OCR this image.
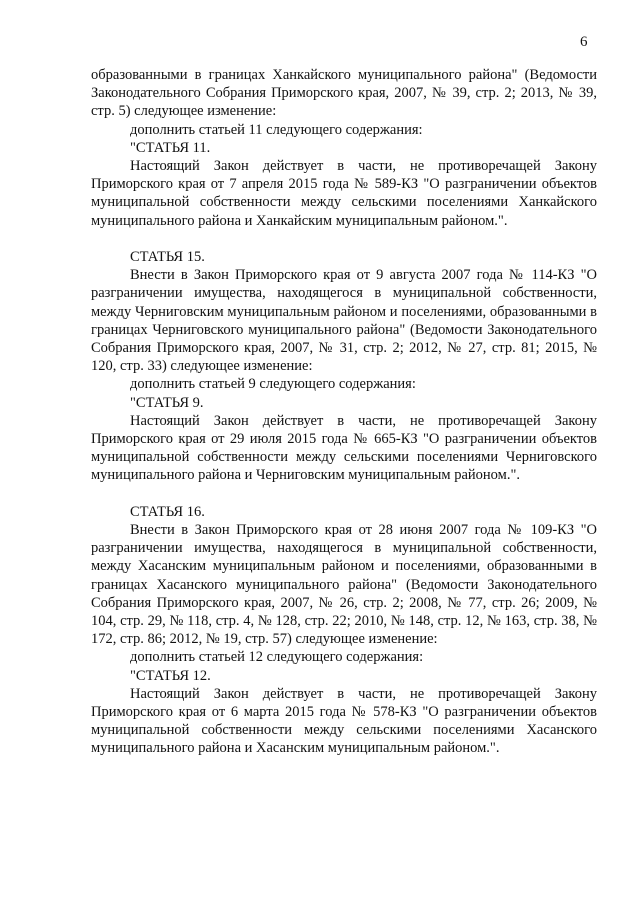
6

образованными в границах Ханкайского муниципального района" (Ведомости Законодательного Собрания Приморского края, 2007, № 39, стр. 2; 2013, № 39, стр. 5) следующее изменение:

дополнить статьей 11 следующего содержания:

"СТАТЬЯ 11.

Настоящий Закон действует в части, не противоречащей Закону Приморского края от 7 апреля 2015 года № 589-КЗ "О разграничении объектов муниципальной собственности между сельскими поселениями Ханкайского муниципального района и Ханкайским муниципальным районом.".

СТАТЬЯ 15.

Внести в Закон Приморского края от 9 августа 2007 года № 114-КЗ "О разграничении имущества, находящегося в муниципальной собственности, между Черниговским муниципальным районом и поселениями, образованными в границах Черниговского муниципального района" (Ведомости Законодательного Собрания Приморского края, 2007, № 31, стр. 2; 2012, № 27, стр. 81; 2015, № 120, стр. 33) следующее изменение:

дополнить статьей 9 следующего содержания:

"СТАТЬЯ 9.

Настоящий Закон действует в части, не противоречащей Закону Приморского края от 29 июля 2015 года № 665-КЗ "О разграничении объектов муниципальной собственности между сельскими поселениями Черниговского муниципального района и Черниговским муниципальным районом.".

СТАТЬЯ 16.

Внести в Закон Приморского края от 28 июня 2007 года № 109-КЗ "О разграничении имущества, находящегося в муниципальной собственности, между Хасанским муниципальным районом и поселениями, образованными в границах Хасанского муниципального района" (Ведомости Законодательного Собрания Приморского края, 2007, № 26, стр. 2; 2008, № 77, стр. 26; 2009, № 104, стр. 29, № 118, стр. 4, № 128, стр. 22; 2010, № 148, стр. 12, № 163, стр. 38, № 172, стр. 86; 2012, № 19, стр. 57) следующее изменение:

дополнить статьей 12 следующего содержания:

"СТАТЬЯ 12.

Настоящий Закон действует в части, не противоречащей Закону Приморского края от 6 марта 2015 года № 578-КЗ "О разграничении объектов муниципальной собственности между сельскими поселениями Хасанского муниципального района и Хасанским муниципальным районом.".
